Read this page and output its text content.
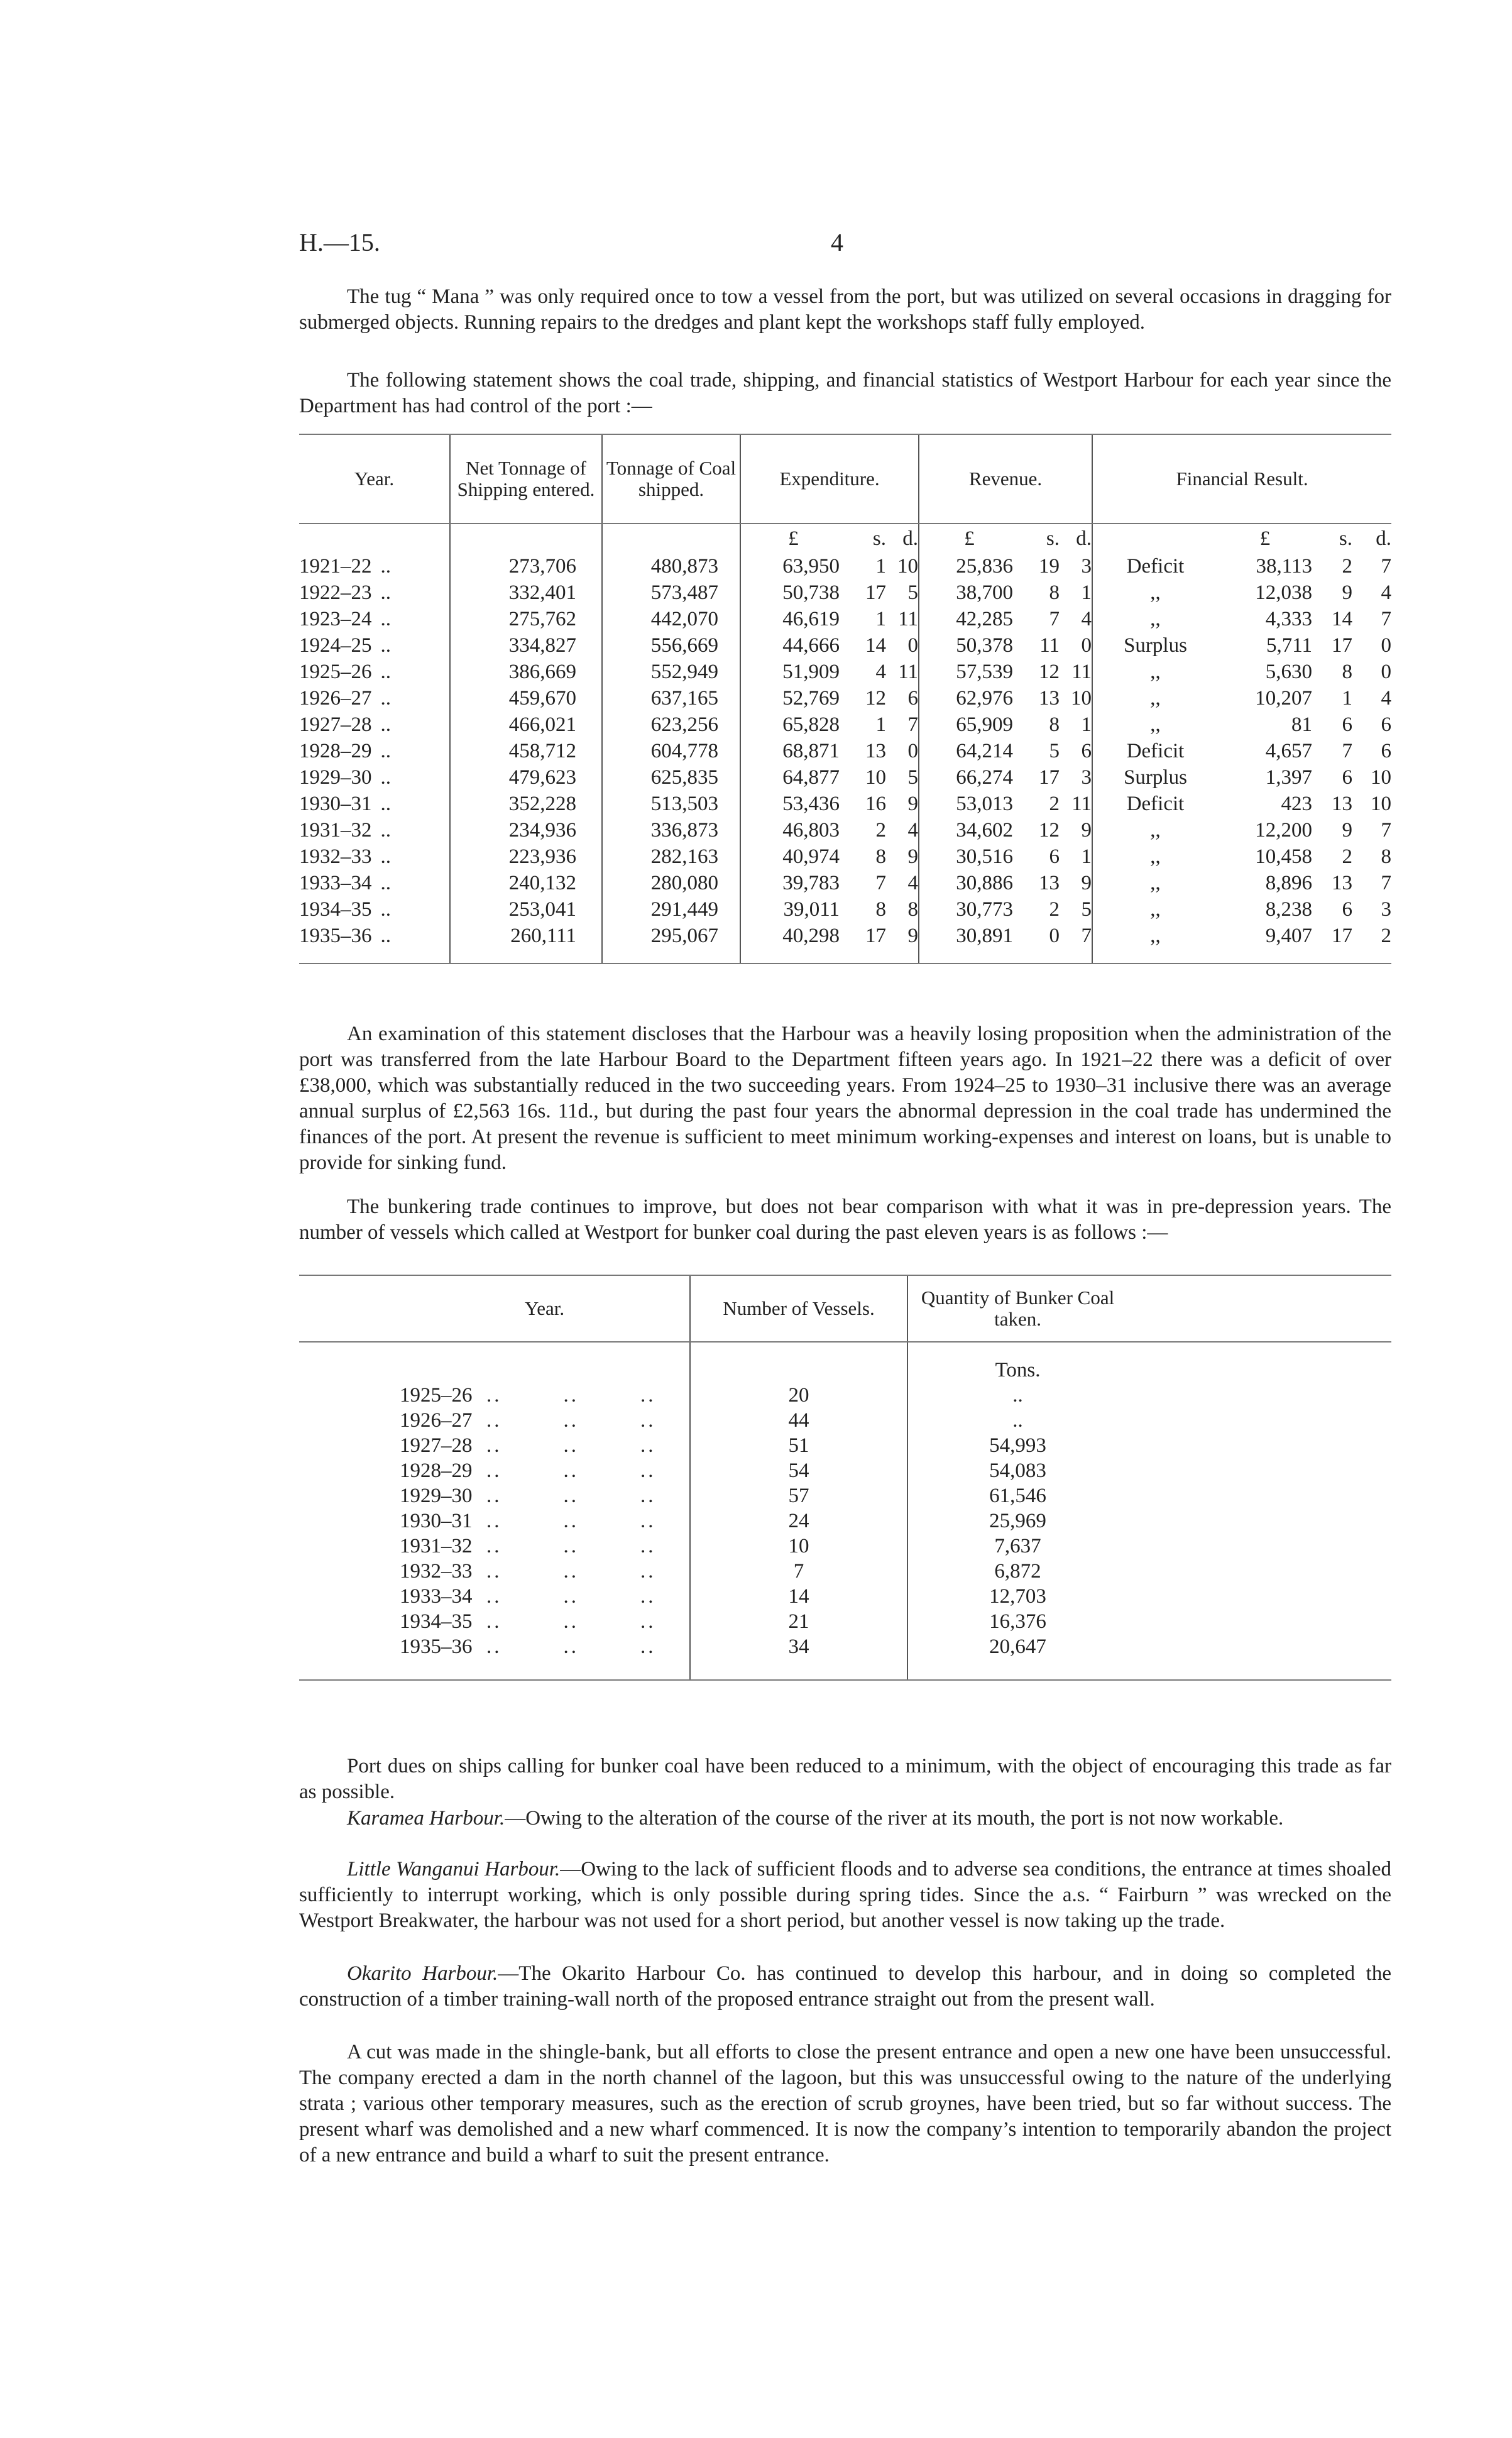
H.—15.	4

The tug “ Mana ” was only required once to tow a vessel from the port, but was utilized on several occasions in dragging for submerged objects. Running repairs to the dredges and plant kept the workshops staff fully employed.

The following statement shows the coal trade, shipping, and financial statistics of Westport Harbour for each year since the Department has had control of the port :—

Year.	Net Tonnage of Shipping entered.	Tonnage of Coal shipped.	Expenditure.			Revenue.			Financial Result.			
			£	s.	d.	£	s.	d.		£	s.	d.
1921–22 ..	273,706	480,873	63,950	1	10	25,836	19	3	Deficit	38,113	2	7
1922–23 ..	332,401	573,487	50,738	17	5	38,700	8	1	,,	12,038	9	4
1923–24 ..	275,762	442,070	46,619	1	11	42,285	7	4	,,	4,333	14	7
1924–25 ..	334,827	556,669	44,666	14	0	50,378	11	0	Surplus	5,711	17	0
1925–26 ..	386,669	552,949	51,909	4	11	57,539	12	11	,,	5,630	8	0
1926–27 ..	459,670	637,165	52,769	12	6	62,976	13	10	,,	10,207	1	4
1927–28 ..	466,021	623,256	65,828	1	7	65,909	8	1	,,	81	6	6
1928–29 ..	458,712	604,778	68,871	13	0	64,214	5	6	Deficit	4,657	7	6
1929–30 ..	479,623	625,835	64,877	10	5	66,274	17	3	Surplus	1,397	6	10
1930–31 ..	352,228	513,503	53,436	16	9	53,013	2	11	Deficit	423	13	10
1931–32 ..	234,936	336,873	46,803	2	4	34,602	12	9	,,	12,200	9	7
1932–33 ..	223,936	282,163	40,974	8	9	30,516	6	1	,,	10,458	2	8
1933–34 ..	240,132	280,080	39,783	7	4	30,886	13	9	,,	8,896	13	7
1934–35 ..	253,041	291,449	39,011	8	8	30,773	2	5	,,	8,238	6	3
1935–36 ..	260,111	295,067	40,298	17	9	30,891	0	7	,,	9,407	17	2

An examination of this statement discloses that the Harbour was a heavily losing proposition when the administration of the port was transferred from the late Harbour Board to the Department fifteen years ago. In 1921–22 there was a deficit of over £38,000, which was substantially reduced in the two succeeding years. From 1924–25 to 1930–31 inclusive there was an average annual surplus of £2,563 16s. 11d., but during the past four years the abnormal depression in the coal trade has undermined the finances of the port. At present the revenue is sufficient to meet minimum working-expenses and interest on loans, but is unable to provide for sinking fund.

The bunkering trade continues to improve, but does not bear comparison with what it was in pre-depression years. The number of vessels which called at Westport for bunker coal during the past eleven years is as follows :—

	Year.		Number of Vessels.	Quantity of Bunker Coal taken.	
				Tons.	
	1925–26	..        ..        ..	20	..	
	1926–27	..        ..        ..	44	..	
	1927–28	..        ..        ..	51	54,993	
	1928–29	..        ..        ..	54	54,083	
	1929–30	..        ..        ..	57	61,546	
	1930–31	..        ..        ..	24	25,969	
	1931–32	..        ..        ..	10	7,637	
	1932–33	..        ..        ..	7	6,872	
	1933–34	..        ..        ..	14	12,703	
	1934–35	..        ..        ..	21	16,376	
	1935–36	..        ..        ..	34	20,647	

Port dues on ships calling for bunker coal have been reduced to a minimum, with the object of encouraging this trade as far as possible.

Karamea Harbour.—Owing to the alteration of the course of the river at its mouth, the port is not now workable.

Little Wanganui Harbour.—Owing to the lack of sufficient floods and to adverse sea conditions, the entrance at times shoaled sufficiently to interrupt working, which is only possible during spring tides. Since the a.s. “ Fairburn ” was wrecked on the Westport Breakwater, the harbour was not used for a short period, but another vessel is now taking up the trade.

Okarito Harbour.—The Okarito Harbour Co. has continued to develop this harbour, and in doing so completed the construction of a timber training-wall north of the proposed entrance straight out from the present wall.

A cut was made in the shingle-bank, but all efforts to close the present entrance and open a new one have been unsuccessful. The company erected a dam in the north channel of the lagoon, but this was unsuccessful owing to the nature of the underlying strata ; various other temporary measures, such as the erection of scrub groynes, have been tried, but so far without success. The present wharf was demolished and a new wharf commenced. It is now the company’s intention to temporarily abandon the project of a new entrance and build a wharf to suit the present entrance.
